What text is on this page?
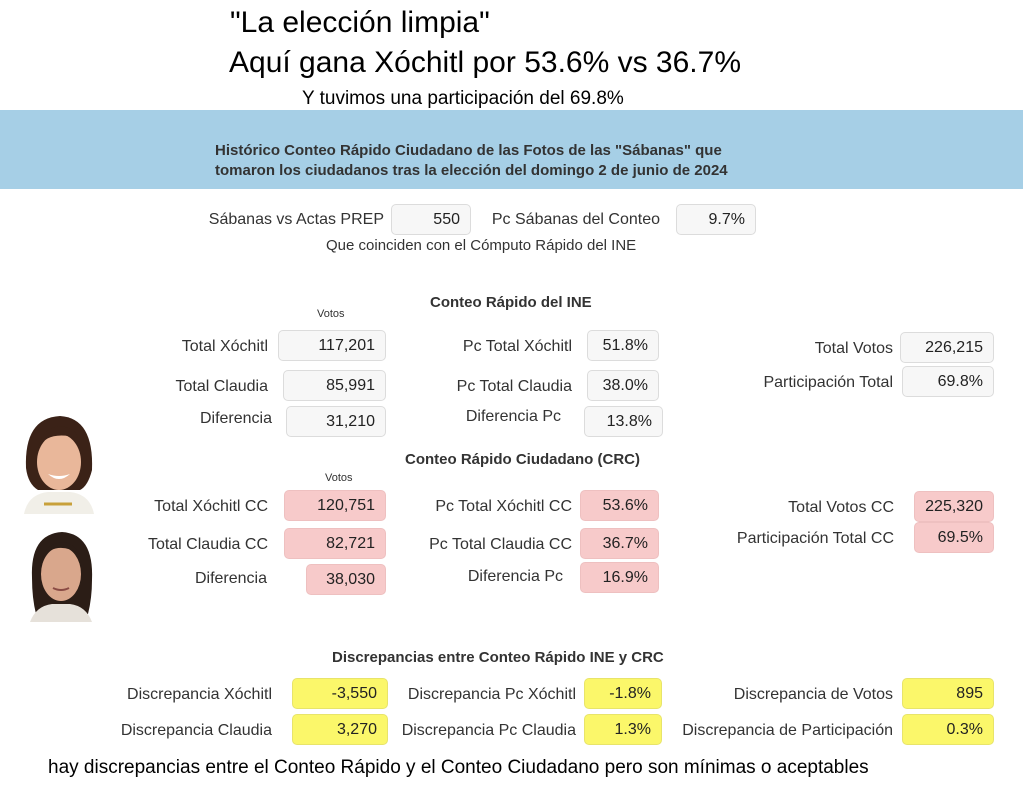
"La elección limpia"
Aquí gana Xóchitl por 53.6% vs 36.7%
Y tuvimos una participación del 69.8%
Histórico Conteo Rápido Ciudadano de las Fotos de las "Sábanas" que
tomaron los ciudadanos tras la elección del domingo 2 de junio de 2024
Sábanas vs Actas PREP	550	Pc Sábanas del Conteo	9.7%
Que coinciden con el Cómputo Rápido del INE
Conteo Rápido del INE
Votos
Total Xóchitl	117,201
Total Claudia	85,991
Diferencia	31,210
Pc Total Xóchitl	51.8%
Pc Total Claudia	38.0%
Diferencia Pc	13.8%
Total Votos	226,215
Participación Total	69.8%
Conteo Rápido Ciudadano (CRC)
Votos
Total Xóchitl CC	120,751
Total Claudia CC	82,721
Diferencia	38,030
Pc Total Xóchitl CC	53.6%
Pc Total Claudia CC	36.7%
Diferencia Pc	16.9%
Total Votos CC	225,320
Participación Total CC	69.5%
Discrepancias entre Conteo Rápido INE y CRC
Discrepancia Xóchitl	-3,550
Discrepancia Claudia	3,270
Discrepancia Pc Xóchitl	-1.8%
Discrepancia Pc Claudia	1.3%
Discrepancia de Votos	895
Discrepancia de Participación	0.3%
hay discrepancias entre el Conteo Rápido y el Conteo Ciudadano pero son mínimas o aceptables
